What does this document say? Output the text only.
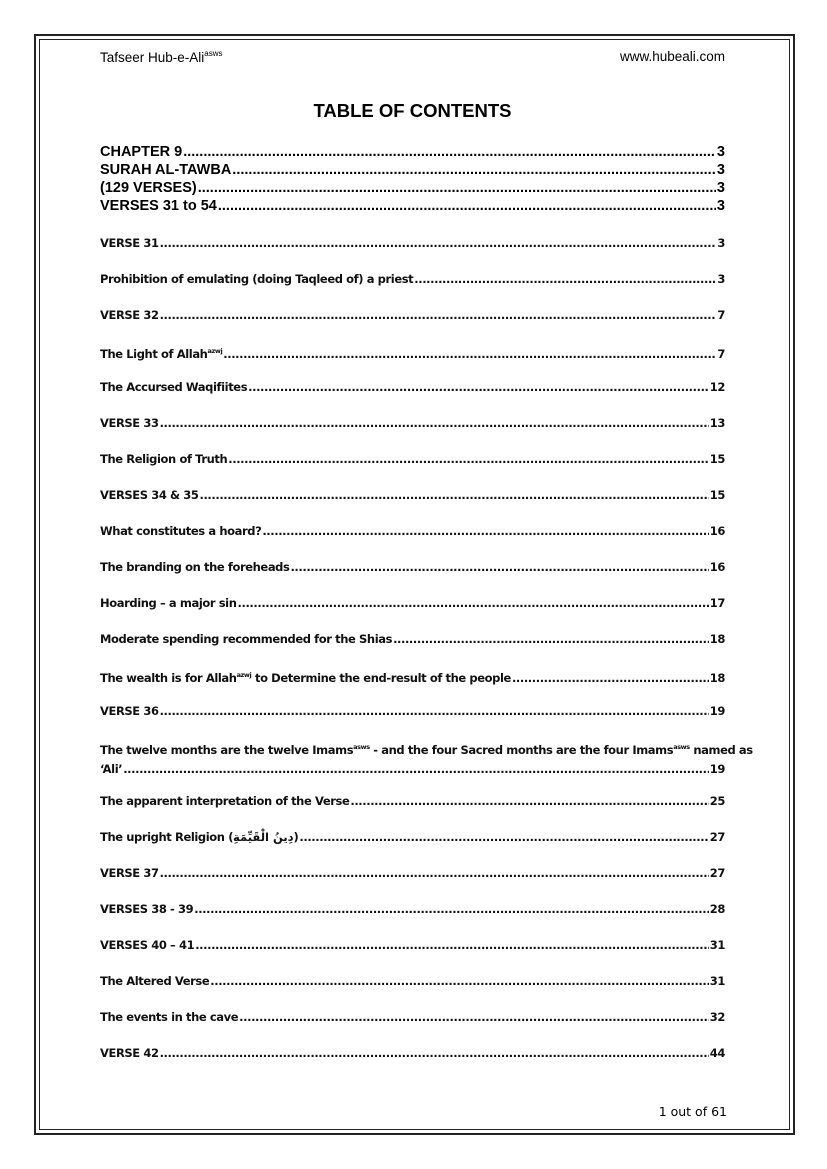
Tafseer Hub-e-Ali$^{asws}$	www.hubeali.com
TABLE OF CONTENTS
CHAPTER 9 .....	3
SURAH AL-TAWBA .....	3
(129 VERSES) .....	3
VERSES 31 to 54 .....	3
VERSE 31 .....	3
Prohibition of emulating (doing Taqleed of) a priest .....	3
VERSE 32 .....	7
The Light of Allah$^{azwj}$ .....	7
The Accursed Waqifiites .....	12
VERSE 33 .....	13
The Religion of Truth .....	15
VERSES 34 & 35 .....	15
What constitutes a hoard? .....	16
The branding on the foreheads .....	16
Hoarding – a major sin .....	17
Moderate spending recommended for the Shias .....	18
The wealth is for Allah$^{azwj}$ to Determine the end-result of the people .....	18
VERSE 36 .....	19
The twelve months are the twelve Imams$^{asws}$ - and the four Sacred months are the four Imams$^{asws}$ named as
‘Ali’ .....	19
The apparent interpretation of the Verse .....	25
The upright Religion (دِينُ الْقَيِّمَةِ) .....	27
VERSE 37 .....	27
VERSES 38 - 39 .....	28
VERSES 40 – 41 .....	31
The Altered Verse .....	31
The events in the cave .....	32
VERSE 42 .....	44
1 out of 61
